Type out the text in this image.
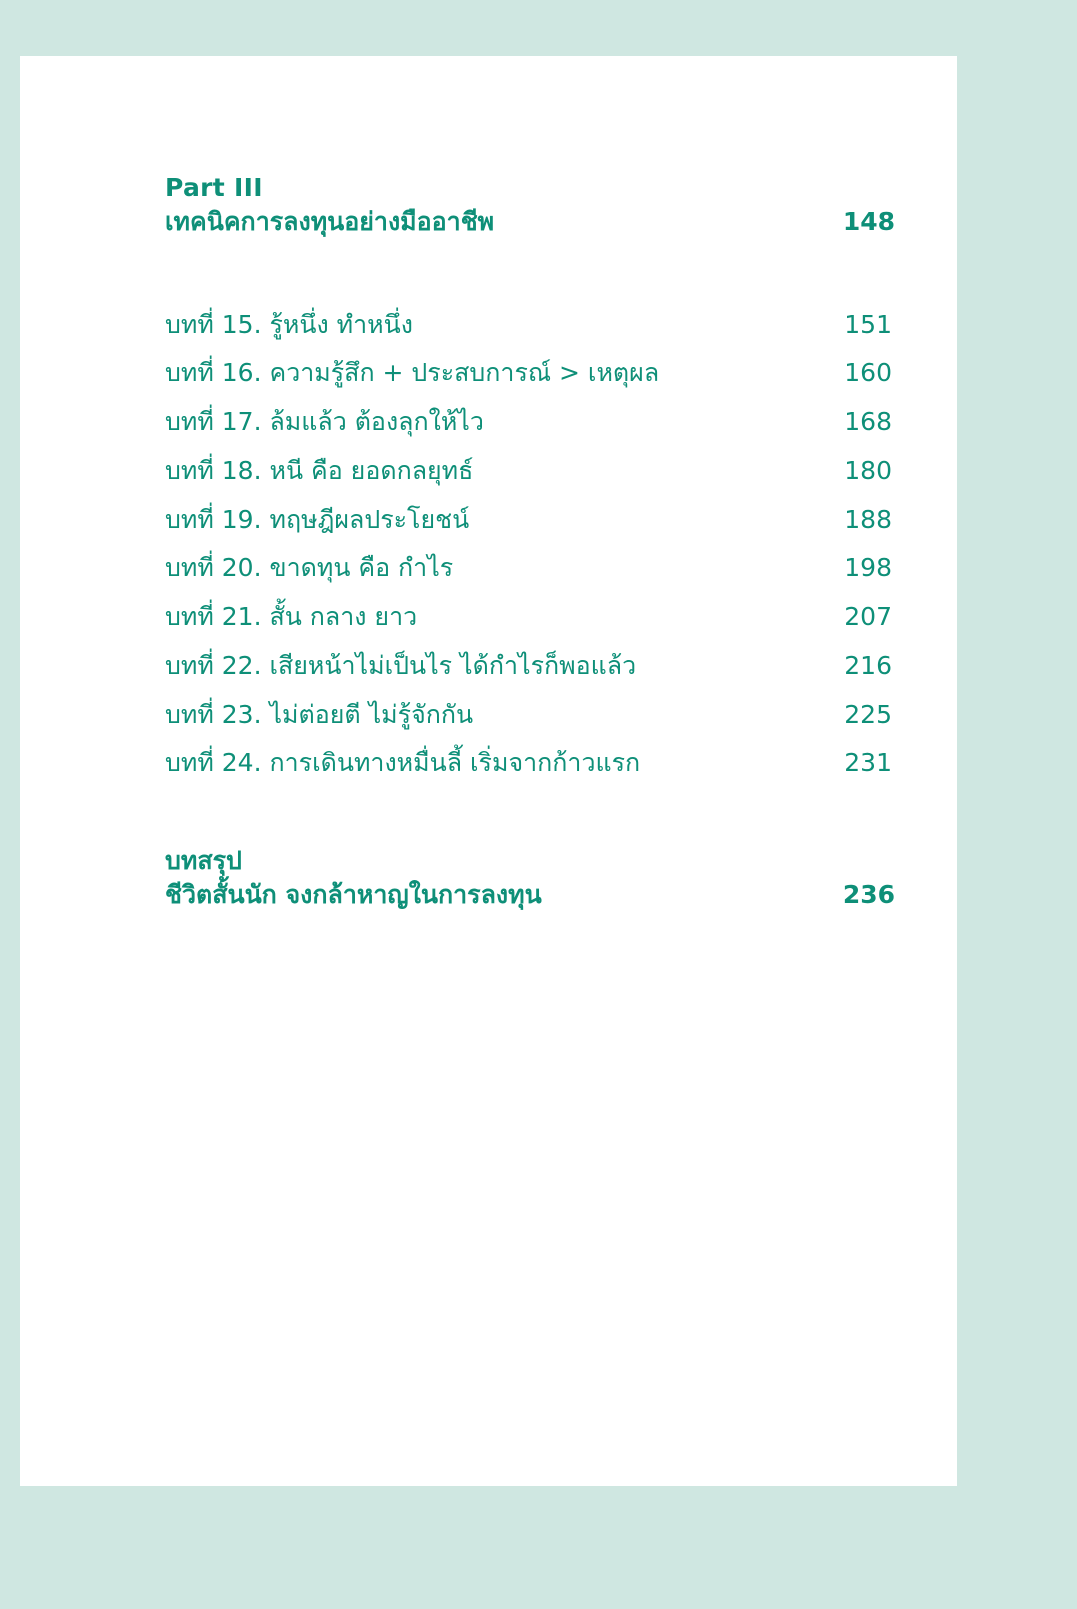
Part III
เทคนิคการลงทุนอย่างมืออาชีพ	148
บทที่ 15. รู้หนึ่ง ทำหนึ่ง	151
บทที่ 16. ความรู้สึก + ประสบการณ์ > เหตุผล	160
บทที่ 17. ล้มแล้ว ต้องลุกให้ไว	168
บทที่ 18. หนี คือ ยอดกลยุทธ์	180
บทที่ 19. ทฤษฎีผลประโยชน์	188
บทที่ 20. ขาดทุน คือ กำไร	198
บทที่ 21. สั้น กลาง ยาว	207
บทที่ 22. เสียหน้าไม่เป็นไร ได้กำไรก็พอแล้ว	216
บทที่ 23. ไม่ต่อยตี ไม่รู้จักกัน	225
บทที่ 24. การเดินทางหมื่นลี้ เริ่มจากก้าวแรก	231
บทสรุป
ชีวิตสั้นนัก จงกล้าหาญในการลงทุน	236
